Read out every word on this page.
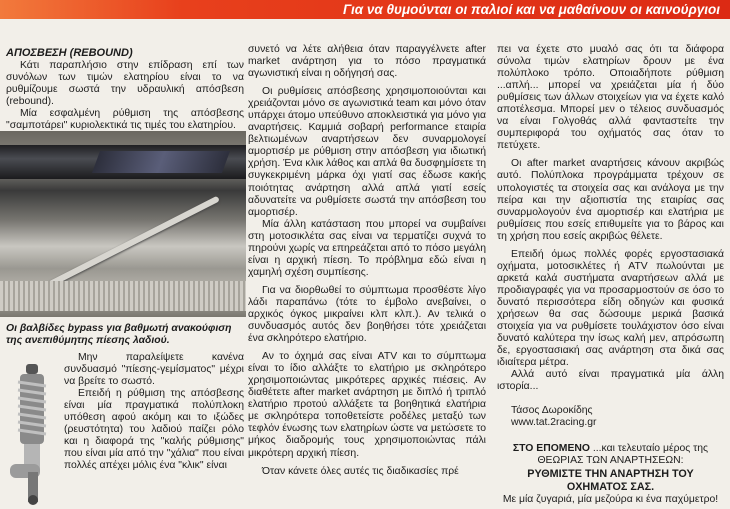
Για να θυμούνται οι παλιοί και να μαθαίνουν οι καινούργιοι

ΑΠΟΣΒΕΣΗ (REBOUND)

Κάτι παραπλήσιο στην επίδραση επί των συνόλων των τιμών ελατηρίου είναι το να ρυθμίζουμε σωστά την υδραυλική απόσβεση (rebound).

Μία εσφαλμένη ρύθμιση της απόσβεσης "σαμποτάρει" κυριολεκτικά τις τιμές του ελατηρίου.

Οι βαλβίδες bypass για βαθμωτή ανακούφιση της ανεπιθύμητης πίεσης λαδιού.

Μην παραλείψετε κανένα συνδυασμό "πίεσης-γεμίσματος" μέχρι να βρείτε το σωστό.

Επειδή η ρύθμιση της απόσβεσης είναι μία πραγματικά πολύπλοκη υπόθεση αφού ακόμη και το ιξώδες (ρευστότητα) του λαδιού παίζει ρόλο και η διαφορά της "καλής ρύθμισης" που είναι μία από την "χάλια" που είναι πολλές απέχει μόλις ένα "κλικ" είναι

συνετό να λέτε αλήθεια όταν παραγγέλνετε after market ανάρτηση για το πόσο πραγματικά αγωνιστική είναι η οδήγησή σας.

Οι ρυθμίσεις απόσβεσης χρησιμοποιούνται και χρειάζονται μόνο σε αγωνιστικά team και μόνο όταν υπάρχει άτομο υπεύθυνο αποκλειστικά για μόνο για αναρτήσεις. Καμμιά σοβαρή performance εταιρία βελτιωμένων αναρτήσεων δεν συναρμολογεί αμορτισέρ με ρύθμιση στην απόσβεση για ιδιωτική χρήση. Ένα κλικ λάθος και απλά θα δυσφημίσετε τη συγκεκριμένη μάρκα όχι γιατί σας έδωσε κακής ποιότητας ανάρτηση αλλά απλά γιατί εσείς αδυνατείτε να ρυθμίσετε σωστά την απόσβεση του αμορτισέρ.

Μία άλλη κατάσταση που μπορεί να συμβαίνει στη μοτοσικλέτα σας είναι να τερματίζει συχνά το πηρούνι χωρίς να επηρεάζεται από το πόσο μεγάλη είναι η αρχική πίεση. Το πρόβλημα εδώ είναι η χαμηλή σχέση συμπίεσης.

Για να διορθωθεί το σύμπτωμα προσθέστε λίγο λάδι παραπάνω (τότε το έμβολο ανεβαίνει, ο αρχικός όγκος μικραίνει κλπ κλπ.). Αν τελικά ο συνδυασμός αυτός δεν βοηθήσει τότε χρειάζεται ένα σκληρότερο ελατήριο.

Αν το όχημά σας είναι ATV και το σύμπτωμα είναι το ίδιο αλλάξτε το ελατήριο με σκληρότερο χρησιμοποιώντας μικρότερες αρχικές πιέσεις. Αν διαθέτετε after market ανάρτηση με διπλό ή τριπλό ελατήριο προτού αλλάξετε τα βοηθητικά ελατήρια με σκληρότερα τοποθετείστε ροδέλες μεταξύ των τεφλόν ένωσης των ελατηρίων ώστε να μετώσετε το μήκος διαδρομής τους χρησιμοποιώντας πάλι μικρότερη αρχική πίεση.

Όταν κάνετε όλες αυτές τις διαδικασίες πρέ

πει να έχετε στο μυαλό σας ότι τα διάφορα σύνολα τιμών ελατηρίων δρουν με ένα πολύπλοκο τρόπο. Οποιαδήποτε ρύθμιση ...απλή... μπορεί να χρειάζεται μία ή δύο ρυθμίσεις των άλλων στοιχείων για να έχετε καλό αποτέλεσμα. Μπορεί μεν ο τέλειος συνδυασμός να είναι Γολγοθάς αλλά φανταστείτε την συμπεριφορά του οχήματός σας όταν το πετύχετε.

Οι after market αναρτήσεις κάνουν ακριβώς αυτό. Πολύπλοκα προγράμματα τρέχουν σε υπολογιστές τα στοιχεία σας και ανάλογα με την πείρα και την αξιοπιστία της εταιρίας σας συναρμολογούν ένα αμορτισέρ και ελατήρια με ρυθμίσεις που εσείς επιθυμείτε για το βάρος και τη χρήση που εσείς ακριβώς θέλετε.

Επειδή όμως πολλές φορές εργοστασιακά οχήματα, μοτοσικλέτες ή ATV πωλούνται με αρκετά καλά συστήματα αναρτήσεων αλλά με προδιαγραφές για να προσαρμοστούν σε όσο το δυνατό περισσότερα είδη οδηγών και φυσικά χρήσεων θα σας δώσουμε μερικά βασικά στοιχεία για να ρυθμίσετε τουλάχιστον όσο είναι δυνατό καλύτερα την ίσως καλή μεν, απρόσωπη δε, εργοστασιακή σας ανάρτηση στα δικά σας ιδιαίτερα μέτρα.

Αλλά αυτό είναι πραγματικά μία άλλη ιστορία...

Τάσος Δωροκίδης

www.tat.2racing.gr

ΣΤΟ ΕΠΟΜΕΝΟ ...και τελευταίο μέρος της ΘΕΩΡΙΑΣ ΤΩΝ ΑΝΑΡΤΗΣΕΩΝ:

ΡΥΘΜΙΣΤΕ ΤΗΝ ΑΝΑΡΤΗΣΗ ΤΟΥ ΟΧΗΜΑΤΟΣ ΣΑΣ.

Με μία ζυγαριά, μία μεζούρα κι ένα παχύμετρο!
